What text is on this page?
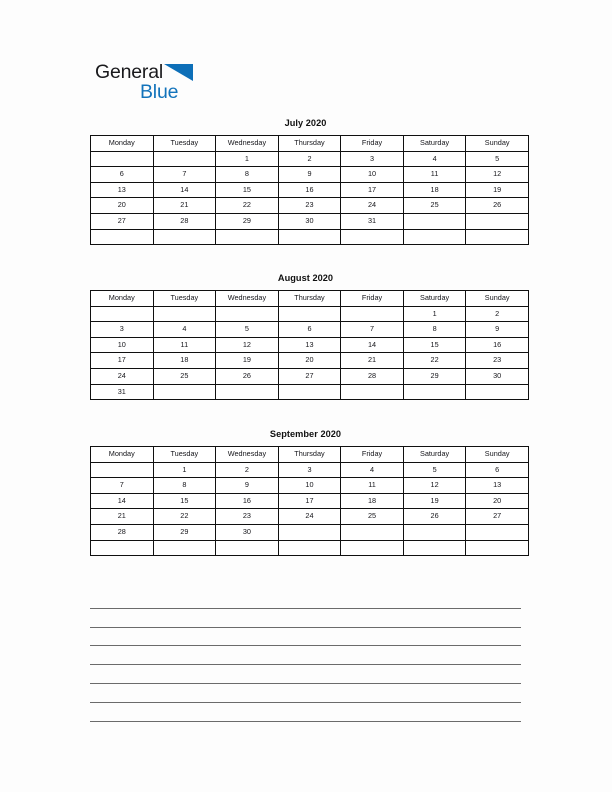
General
Blue
July 2020
Monday	Tuesday	Wednesday	Thursday	Friday	Saturday	Sunday
		1	2	3	4	5
6	7	8	9	10	11	12
13	14	15	16	17	18	19
20	21	22	23	24	25	26
27	28	29	30	31		

August 2020
Monday	Tuesday	Wednesday	Thursday	Friday	Saturday	Sunday
					1	2
3	4	5	6	7	8	9
10	11	12	13	14	15	16
17	18	19	20	21	22	23
24	25	26	27	28	29	30
31						
September 2020
Monday	Tuesday	Wednesday	Thursday	Friday	Saturday	Sunday
	1	2	3	4	5	6
7	8	9	10	11	12	13
14	15	16	17	18	19	20
21	22	23	24	25	26	27
28	29	30				
